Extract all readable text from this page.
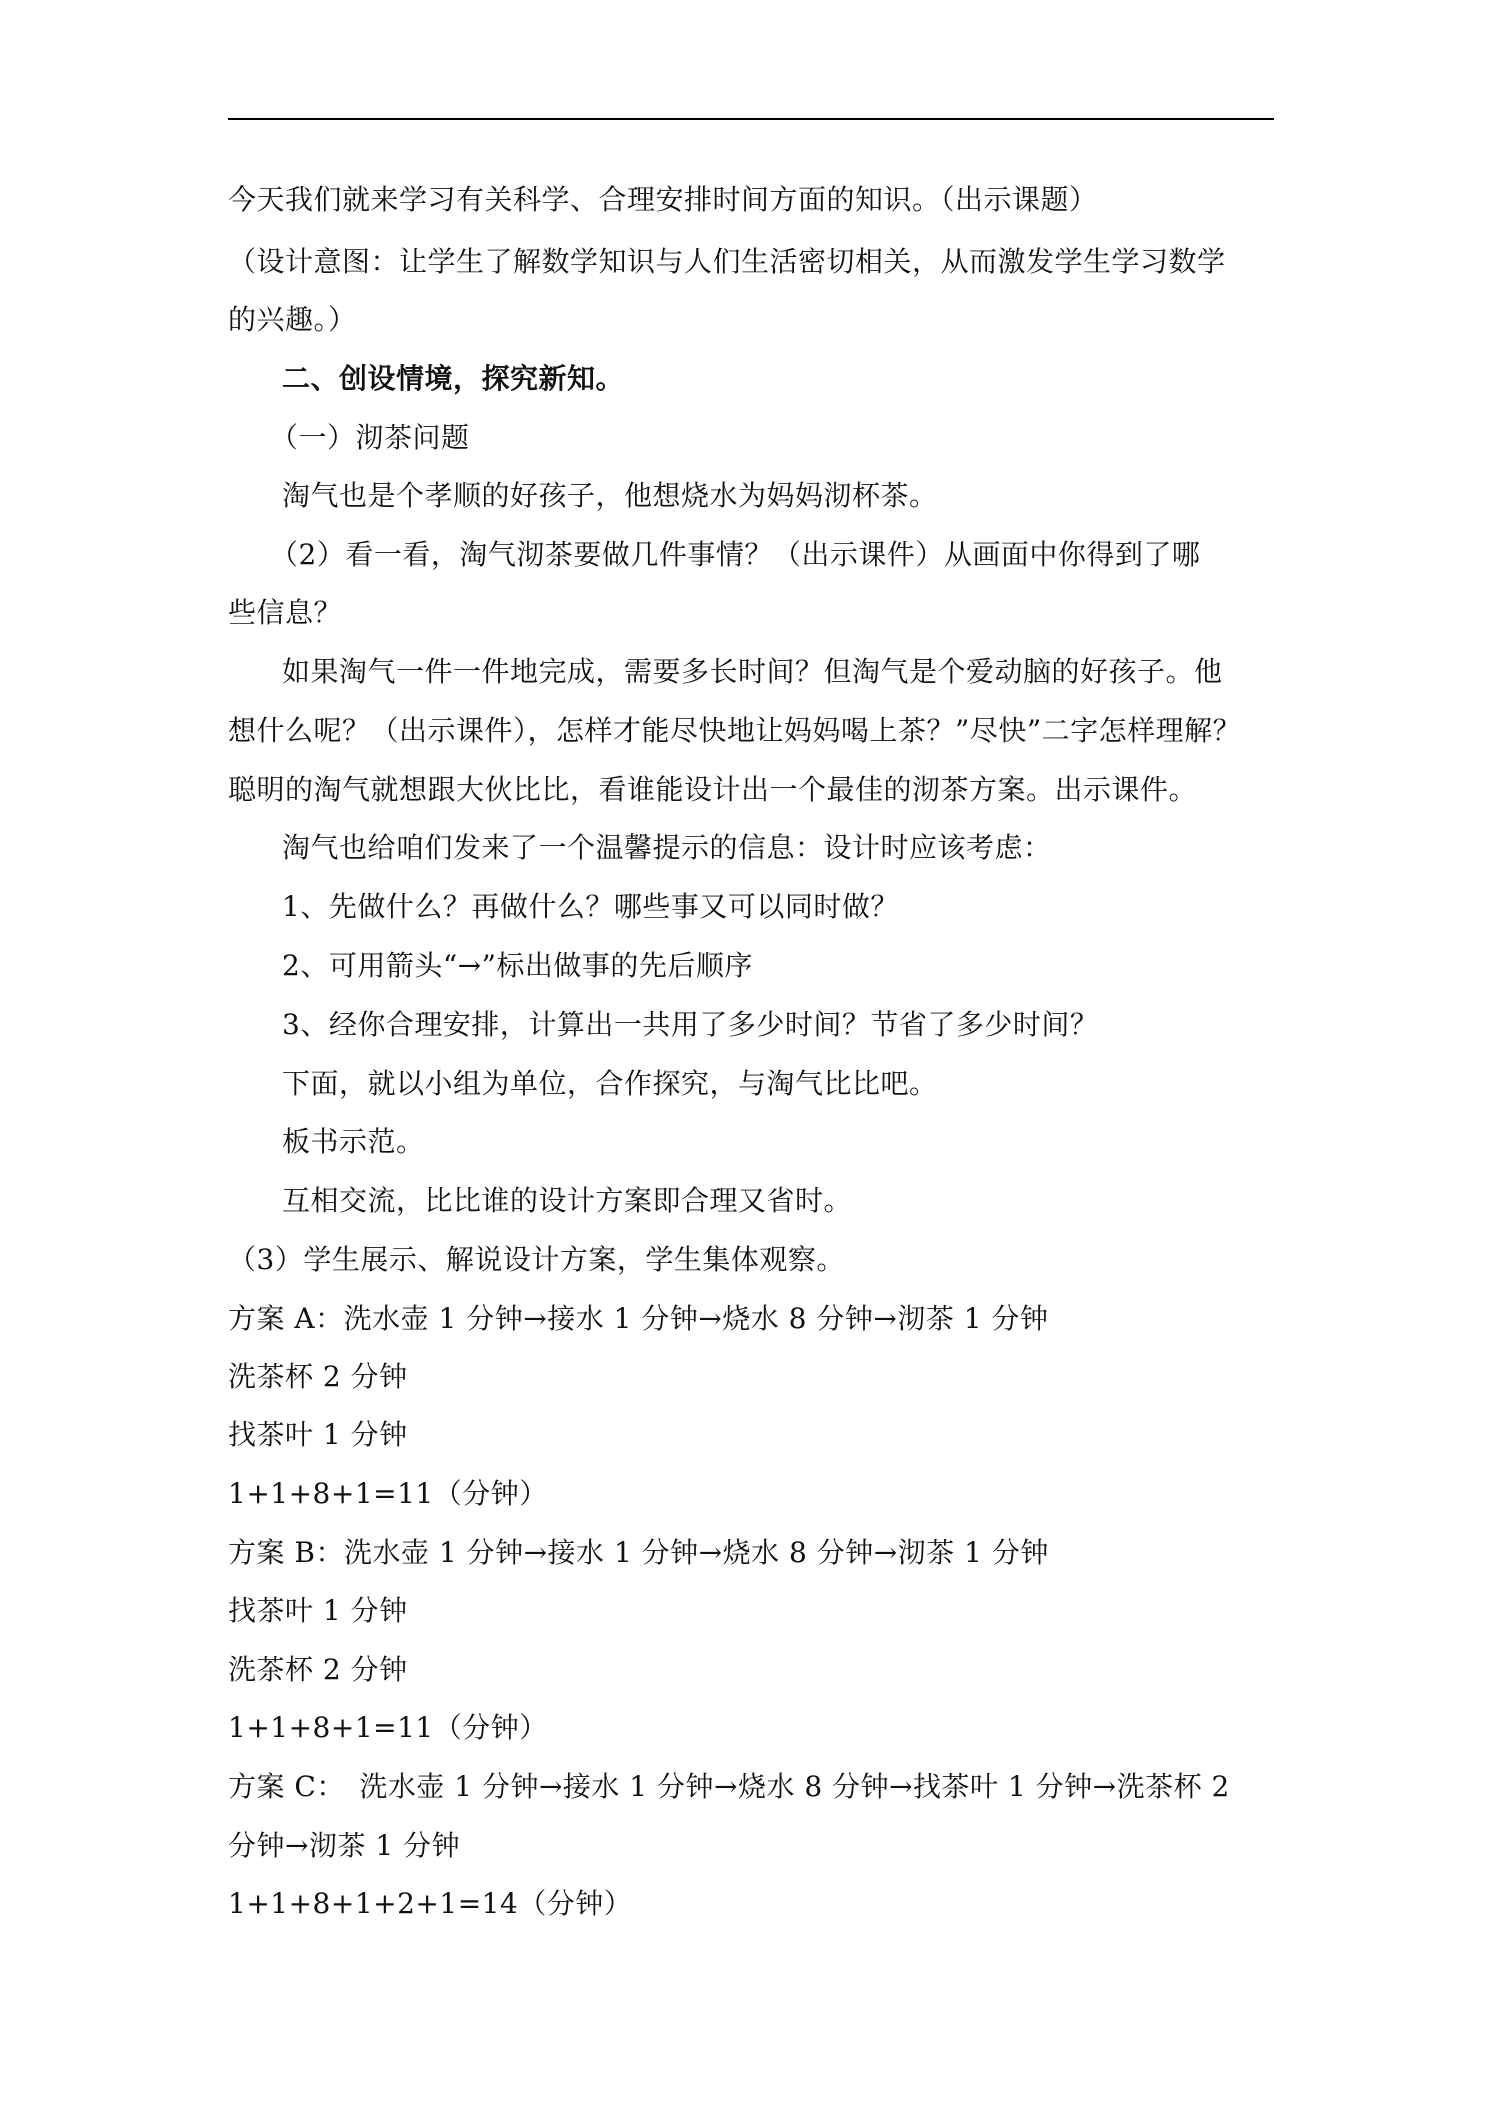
今天我们就来学习有关科学、合理安排时间方面的知识。（出示课题）
（设计意图：让学生了解数学知识与人们生活密切相关，从而激发学生学习数学
的兴趣。）
二、创设情境，探究新知。
（一）沏茶问题
淘气也是个孝顺的好孩子，他想烧水为妈妈沏杯茶。
（2）看一看，淘气沏茶要做几件事情？（出示课件）从画面中你得到了哪
些信息？
如果淘气一件一件地完成，需要多长时间？但淘气是个爱动脑的好孩子。他
想什么呢？（出示课件），怎样才能尽快地让妈妈喝上茶？”尽快”二字怎样理解？
聪明的淘气就想跟大伙比比，看谁能设计出一个最佳的沏茶方案。出示课件。
淘气也给咱们发来了一个温馨提示的信息：设计时应该考虑：
1、先做什么？再做什么？哪些事又可以同时做？
2、可用箭头“→”标出做事的先后顺序
3、经你合理安排，计算出一共用了多少时间？节省了多少时间？
下面，就以小组为单位，合作探究，与淘气比比吧。
板书示范。
互相交流，比比谁的设计方案即合理又省时。
（3）学生展示、解说设计方案，学生集体观察。
方案 A：洗水壶 1 分钟→接水 1 分钟→烧水 8 分钟→沏茶 1 分钟
洗茶杯 2 分钟
找茶叶 1 分钟
1+1+8+1=11（分钟）
方案 B：洗水壶 1 分钟→接水 1 分钟→烧水 8 分钟→沏茶 1 分钟
找茶叶 1 分钟
洗茶杯 2 分钟
1+1+8+1=11（分钟）
方案 C：　洗水壶 1 分钟→接水 1 分钟→烧水 8 分钟→找茶叶 1 分钟→洗茶杯 2
分钟→沏茶 1 分钟
1+1+8+1+2+1=14（分钟）
